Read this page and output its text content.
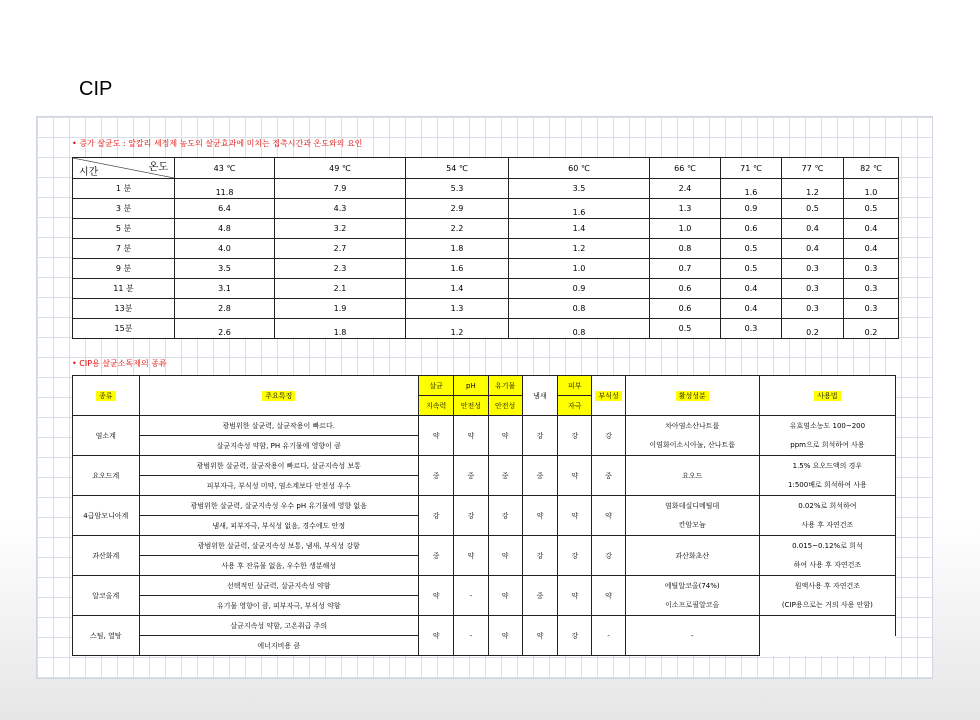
CIP
• 증가 살균도 : 알칼리 세정제 농도의 살균효과에 미치는 접촉시간과 온도와의 요인
온도
시간	43 ℃	49 ℃	54 ℃	60 ℃	66 ℃	71 ℃	77 ℃	82 ℃
1 분	11.8	7.9	5.3	3.5	2.4	1.6	1.2	1.0

3 분	6.4	4.3	2.9	1.6	1.3	0.9	0.5	0.5
5 분	4.8	3.2	2.2	1.4	1.0	0.6	0.4	0.4
7 분	4.0	2.7	1.8	1.2	0.8	0.5	0.4	0.4
9 분	3.5	2.3	1.6	1.0	0.7	0.5	0.3	0.3
11 분	3.1	2.1	1.4	0.9	0.6	0.4	0.3	0.3
13분	2.8	1.9	1.3	0.8	0.6	0.4	0.3	0.3
15분	2.6	1.8	1.2	0.8	0.5	0.3	0.2	0.2
• CIP용 살균소독제의 종류
종류	주요특징	살균	pH	유기물	냄새	피부	부식성	활성성분	사용법
		지속력	안전성	안전성		자극			
염소계	광범위한 살균력, 살균작용이 빠르다.	약	약	약	강	강	강	차아염소산나트륨	유효염소농도 100~200
	살균지속성 약함, PH 유기물에 영향이 큼							이염화이소시아눌, 산나트륨	ppm으로 희석하여 사용
요오드계	광범위한 살균력, 살균작용이 빠르다, 살균지속성 보통	중	중	중	중	약	중	요오드	1.5% 요오드액의 경우
	피부자극, 부식성 미약, 염소계보다 안전성 우수								1:500배로 희석하여 사용
4급암모니아계	광범위한 살균력, 살균지속성 우수 pH 유기물에 영향 없음	강	강	강	약	약	약	염화데실디메틸데	0.02%로 희석하여
	냄새, 피부자극, 부식성 없음, 경수에도 안정							칸암모늄	사용 후 자연건조
과산화계	광범위한 살균력, 살균지속성 보통, 냄새, 부식성 강함	중	약	약	강	강	강	과산화초산	0.015~0.12%로 희석
	사용 후 잔류물 없음, 우수한 생분해성								하여 사용 후 자연건조
알코올계	선택적인 살균력, 살균지속성 약함	약	-	약	중	약	약	에틸알코올(74%)	원액사용 후 자연건조
	유기물 영향이 큼, 피부자극, 부식성 약함							이소프로필알코올	(CIP용으로는 거의 사용 안함)
스팀, 열탕	살균지속성 약함, 고온취급 주의	약	-	약	약	강	-	-	
	에너지비용 큼								
